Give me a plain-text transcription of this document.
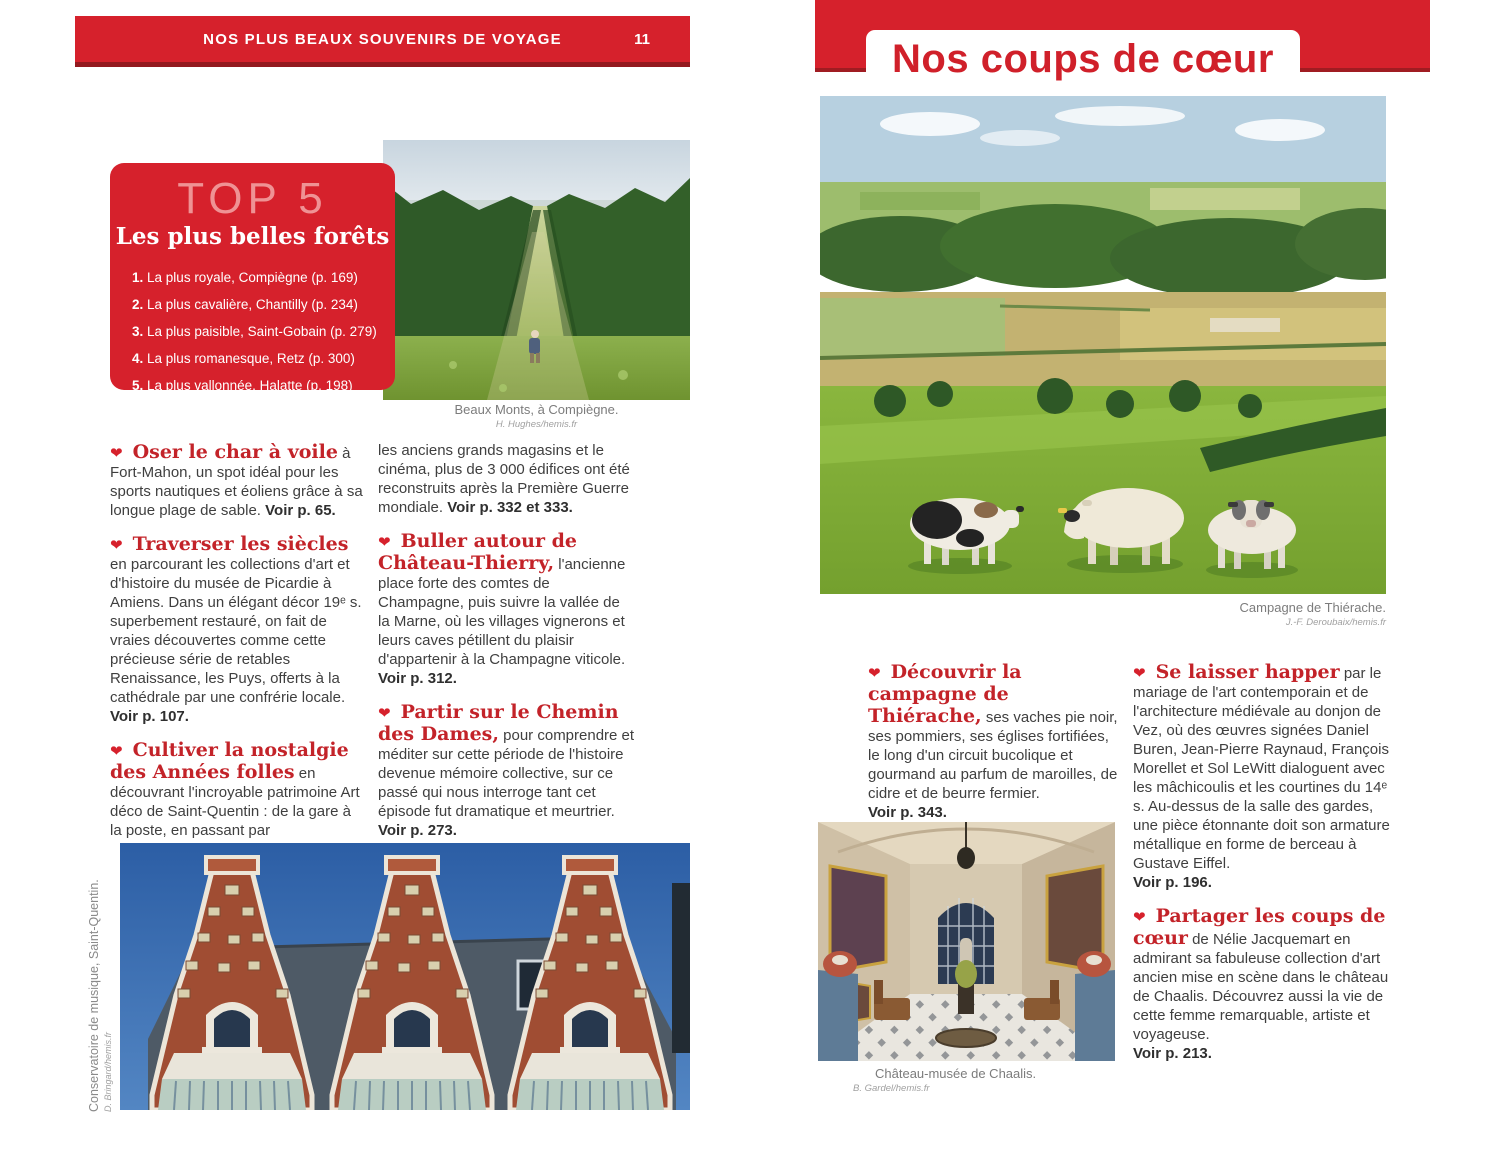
NOS PLUS BEAUX SOUVENIRS DE VOYAGE	11
TOP 5
Les plus belles forêts
1. La plus royale, Compiègne (p. 169)
2. La plus cavalière, Chantilly (p. 234)
3. La plus paisible, Saint-Gobain (p. 279)
4. La plus romanesque, Retz (p. 300)
5. La plus vallonnée, Halatte (p. 198)
Beaux Monts, à Compiègne.
H. Hughes/hemis.fr

❤ Oser le char à voile à Fort-Mahon, un spot idéal pour les sports nautiques et éoliens grâce à sa longue plage de sable. Voir p. 65.

❤ Traverser les siècles en parcourant les collections d'art et d'histoire du musée de Picardie à Amiens. Dans un élégant décor 19ᵉ s. superbement restauré, on fait de vraies découvertes comme cette précieuse série de retables Renaissance, les Puys, offerts à la cathédrale par une confrérie locale. Voir p. 107.

❤ Cultiver la nostalgie des Années folles en découvrant l'incroyable patrimoine Art déco de Saint-Quentin : de la gare à la poste, en passant par

les anciens grands magasins et le cinéma, plus de 3 000 édifices ont été reconstruits après la Première Guerre mondiale. Voir p. 332 et 333.

❤ Buller autour de Château-Thierry, l'ancienne place forte des comtes de Champagne, puis suivre la vallée de la Marne, où les villages vignerons et leurs caves pétillent du plaisir d'appartenir à la Champagne viticole. Voir p. 312.

❤ Partir sur le Chemin des Dames, pour comprendre et méditer sur cette période de l'histoire devenue mémoire collective, sur ce passé qui nous interroge tant cet épisode fut dramatique et meurtrier. Voir p. 273.

Conservatoire de musique, Saint-Quentin. D. Bringard/hemis.fr
Nos coups de cœur
Campagne de Thiérache.
J.-F. Deroubaix/hemis.fr

❤ Découvrir la campagne de Thiérache, ses vaches pie noir, ses pommiers, ses églises fortifiées, le long d'un circuit bucolique et gourmand au parfum de maroilles, de cidre et de beurre fermier.
Voir p. 343.

Château-musée de Chaalis.
B. Gardel/hemis.fr

❤ Se laisser happer par le mariage de l'art contemporain et de l'architecture médiévale au donjon de Vez, où des œuvres signées Daniel Buren, Jean-Pierre Raynaud, François Morellet et Sol LeWitt dialoguent avec les mâchicoulis et les courtines du 14ᵉ s. Au-dessus de la salle des gardes, une pièce étonnante doit son armature métallique en forme de berceau à Gustave Eiffel.
Voir p. 196.

❤ Partager les coups de cœur de Nélie Jacquemart en admirant sa fabuleuse collection d'art ancien mise en scène dans le château de Chaalis. Découvrez aussi la vie de cette femme remarquable, artiste et voyageuse.
Voir p. 213.
